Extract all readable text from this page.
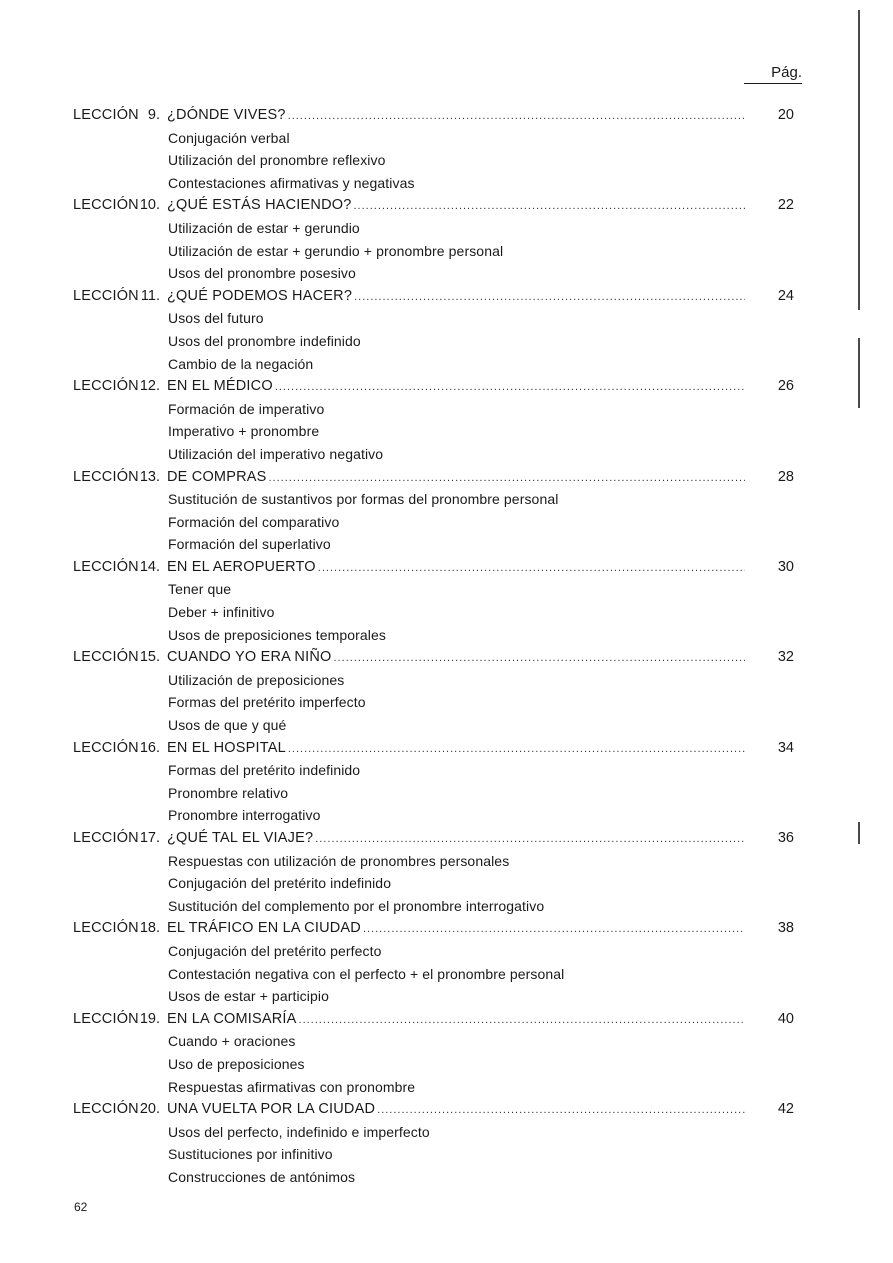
Pág.
LECCIÓN 9. ¿DÓNDE VIVES? .....	20
Conjugación verbal
Utilización del pronombre reflexivo
Contestaciones afirmativas y negativas
LECCIÓN 10. ¿QUÉ ESTÁS HACIENDO? .....	22
Utilización de estar + gerundio
Utilización de estar + gerundio + pronombre personal
Usos del pronombre posesivo
LECCIÓN 11. ¿QUÉ PODEMOS HACER? .....	24
Usos del futuro
Usos del pronombre indefinido
Cambio de la negación
LECCIÓN 12. EN EL MÉDICO .....	26
Formación de imperativo
Imperativo + pronombre
Utilización del imperativo negativo
LECCIÓN 13. DE COMPRAS .....	28
Sustitución de sustantivos por formas del pronombre personal
Formación del comparativo
Formación del superlativo
LECCIÓN 14. EN EL AEROPUERTO .....	30
Tener que
Deber + infinitivo
Usos de preposiciones temporales
LECCIÓN 15. CUANDO YO ERA NIÑO .....	32
Utilización de preposiciones
Formas del pretérito imperfecto
Usos de que y qué
LECCIÓN 16. EN EL HOSPITAL .....	34
Formas del pretérito indefinido
Pronombre relativo
Pronombre interrogativo
LECCIÓN 17. ¿QUÉ TAL EL VIAJE? .....	36
Respuestas con utilización de pronombres personales
Conjugación del pretérito indefinido
Sustitución del complemento por el pronombre interrogativo
LECCIÓN 18. EL TRÁFICO EN LA CIUDAD .....	38
Conjugación del pretérito perfecto
Contestación negativa con el perfecto + el pronombre personal
Usos de estar + participio
LECCIÓN 19. EN LA COMISARÍA .....	40
Cuando + oraciones
Uso de preposiciones
Respuestas afirmativas con pronombre
LECCIÓN 20. UNA VUELTA POR LA CIUDAD .....	42
Usos del perfecto, indefinido e imperfecto
Sustituciones por infinitivo
Construcciones de antónimos
62
